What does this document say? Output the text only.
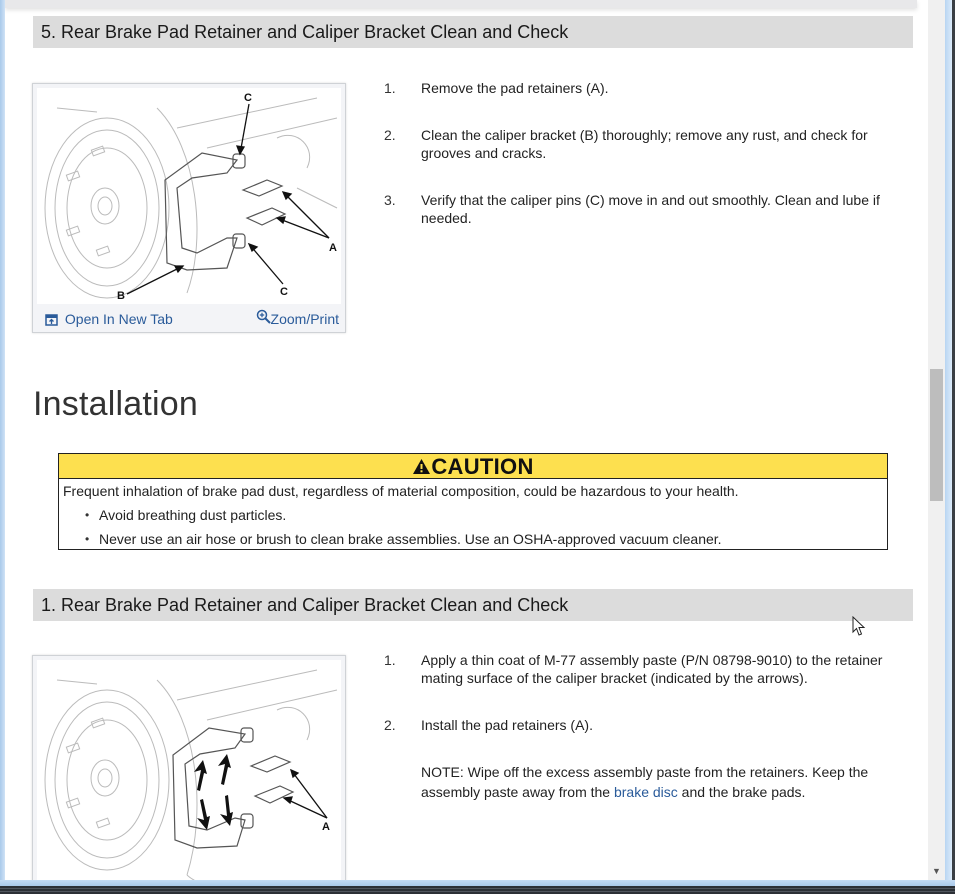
5. Rear Brake Pad Retainer and Caliper Bracket Clean and Check
C
A
B	C
Open In New Tab	Zoom/Print
1.	Remove the pad retainers (A).
2.	Clean the caliper bracket (B) thoroughly; remove any rust, and check for grooves and cracks.
3.	Verify that the caliper pins (C) move in and out smoothly. Clean and lube if needed.
Installation
CAUTION
Frequent inhalation of brake pad dust, regardless of material composition, could be hazardous to your health.
• Avoid breathing dust particles.
• Never use an air hose or brush to clean brake assemblies. Use an OSHA-approved vacuum cleaner.
1. Rear Brake Pad Retainer and Caliper Bracket Clean and Check
A
1.	Apply a thin coat of M-77 assembly paste (P/N 08798-9010) to the retainer mating surface of the caliper bracket (indicated by the arrows).
2.	Install the pad retainers (A).
NOTE: Wipe off the excess assembly paste from the retainers. Keep the assembly paste away from the brake disc and the brake pads.
▼
